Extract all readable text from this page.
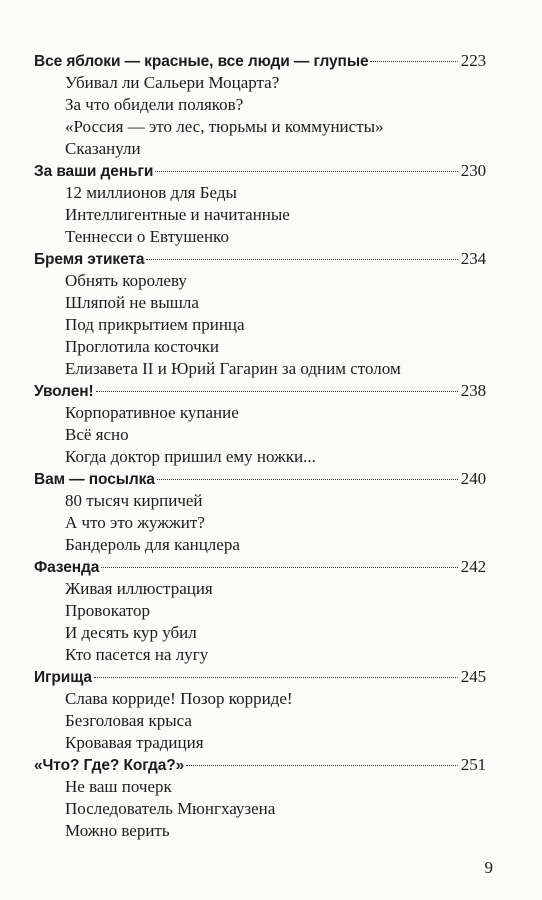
Все яблоки — красные, все люди — глупые	223
Убивал ли Сальери Моцарта?
За что обидели поляков?
«Россия — это лес, тюрьмы и коммунисты»
Сказанули
За ваши деньги	230
12 миллионов для Беды
Интеллигентные и начитанные
Теннесси о Евтушенко
Бремя этикета	234
Обнять королеву
Шляпой не вышла
Под прикрытием принца
Проглотила косточки
Елизавета II и Юрий Гагарин за одним столом
Уволен!	238
Корпоративное купание
Всё ясно
Когда доктор пришил ему ножки...
Вам — посылка	240
80 тысяч кирпичей
А что это жужжит?
Бандероль для канцлера
Фазенда	242
Живая иллюстрация
Провокатор
И десять кур убил
Кто пасется на лугу
Игрища	245
Слава корриде! Позор корриде!
Безголовая крыса
Кровавая традиция
«Что? Где? Когда?»	251
Не ваш почерк
Последователь Мюнгхаузена
Можно верить
9
